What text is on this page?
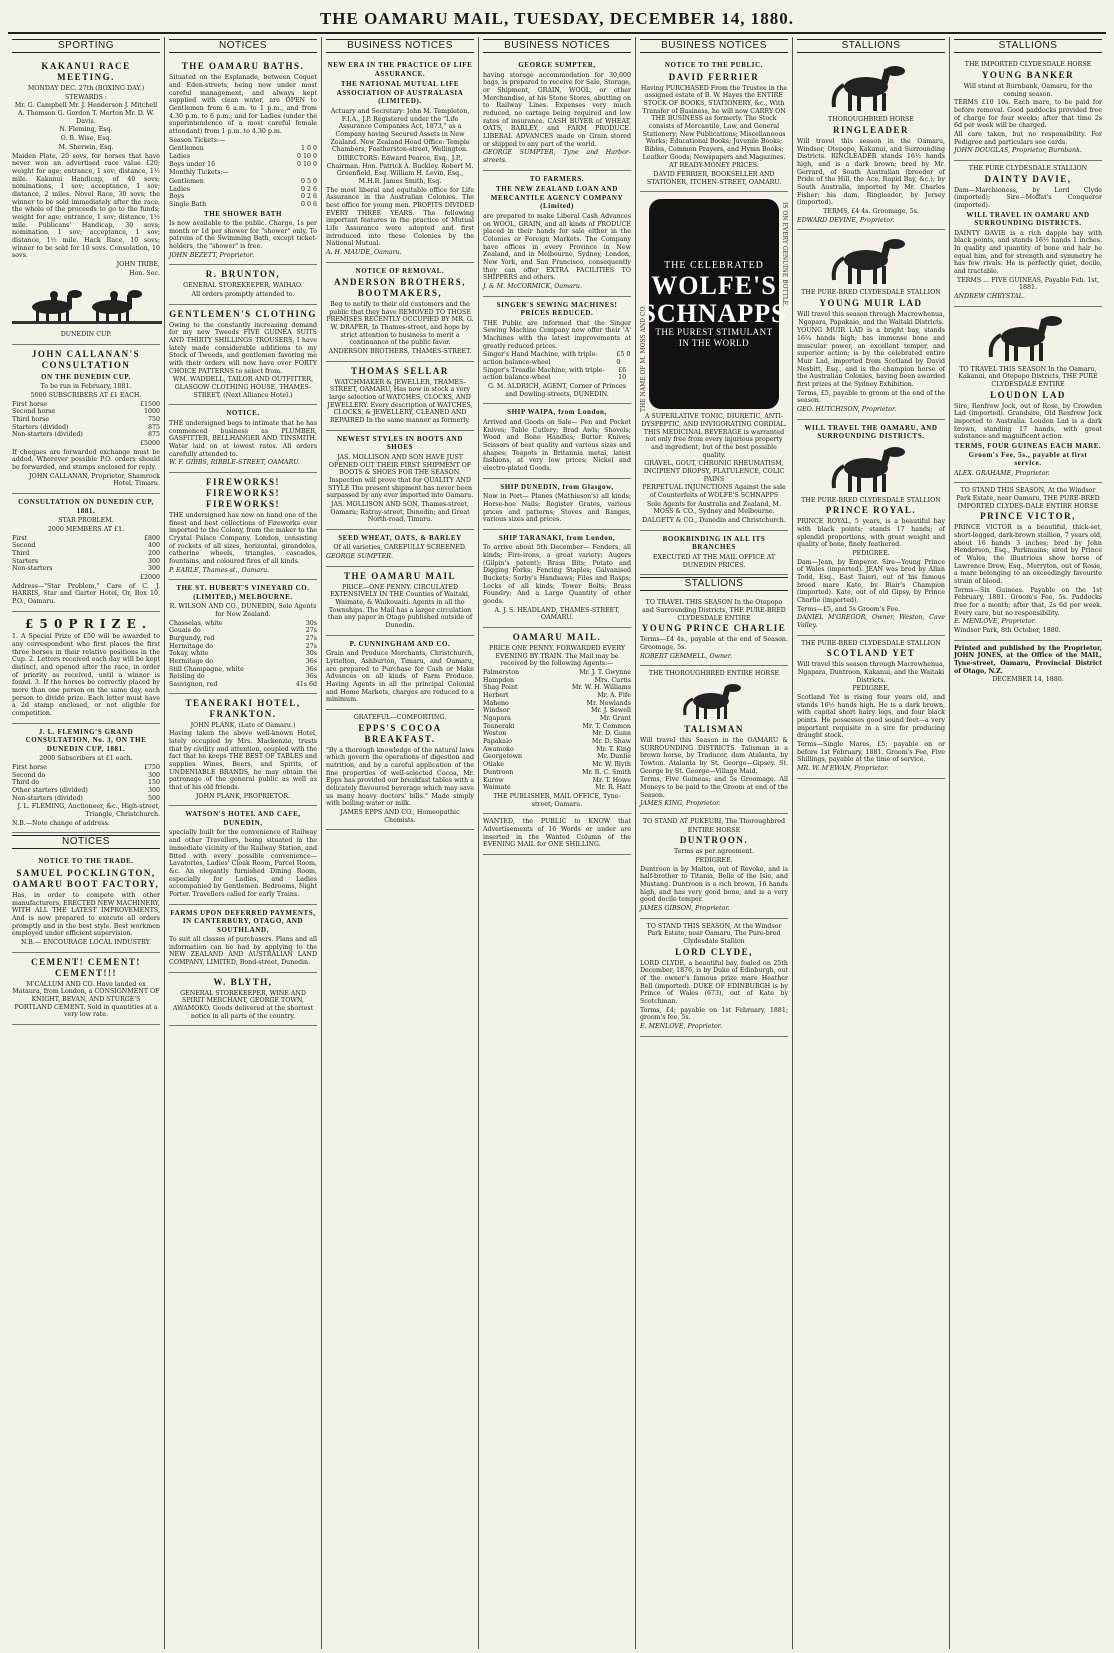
THE OAMARU MAIL, TUESDAY, DECEMBER 14, 1880.
SPORTING
KAKANUI RACE MEETING.

MONDAY DEC. 27th (BOXING DAY.)

STEWARDS :

Mr. G. Campbell Mr. J. Henderson J. Mitchell A. Thomson G. Gordon T. Merton Mr. D. W. Davis.

N. Fleming, Esq.

O. R. Wise, Esq.

M. Sherwin, Esq.

Maiden Plate, 20 sovs, for horses that have never won an advertised race value £20; weight for age; entrance, 1 sov; distance, 1½ mile. Kakanui Handicap, of 40 sovs; nominations, 1 sov; acceptance, 1 sov; distance, 2 miles. Novel Race, 30 sovs; the winner to be sold immediately after the race, the whole of the proceeds to go to the funds; weight for age; entrance, 1 sov; distance, 1½ mile. Publicans' Handicap, 30 sovs; nomination, 1 sov; acceptance, 1 sov; distance, 1½ mile. Hack Race, 10 sovs; winner to be sold for 10 sovs. Consolation, 10 sovs.

JOHN TRIBE,

Hon. Sec.

DUNEDIN CUP.

JOHN CALLANAN'S CONSULTATION
ON THE DUNEDIN CUP.

To be run in February, 1881.

5000 SUBSCRIBERS AT £1 EACH.

First horse	£1500
Second horse	1000
Third horse	750
Starters (divided)	875
Non-starters (divided)	875

£5000

If cheques are forwarded exchange must be added. Wherever possible P.O. orders should be forwarded, and stamps enclosed for reply.

JOHN CALLANAN, Proprietor, Shamrock Hotel, Timaru.

CONSULTATION ON DUNEDIN CUP, 1881.

STAR PROBLEM.

2000 MEMBERS AT £1.

First	£800
Second	400
Third	200
Starters	300
Non-starters	300

£2000

Address—"Star Problem," Care of C. J. HARRIS, Star and Garter Hotel, Or, Box 10, P.O., Oamaru.

£ 5 0 P R I Z E .

1. A Special Prize of £50 will be awarded to any correspondent who first places the first three horses in their relative positions in the Cup. 2. Letters received each day will be kept distinct, and opened after the race, in order of priority as received, until a winner is found. 3. If the horses be correctly placed by more than one person on the same day, each person to divide prize. Each letter must have a 2d stamp enclosed, or not eligible for competition.

J. L. FLEMING'S GRAND CONSULTATION, No. 3, ON THE DUNEDIN CUP, 1881.

2000 Subscribers at £1 each.

First horse	£750
Second do	300
Third do	150
Other starters (divided)	300
Non-starters (divided)	500

J. L. FLEMING, Auctioneer, &c., High-street, Triangle, Christchurch.

N.B.—Note change of address.

NOTICES
NOTICE TO THE TRADE.
SAMUEL POCKLINGTON, OAMARU BOOT FACTORY,

Has, in order to compete with other manufacturers, ERECTED NEW MACHINERY, WITH ALL THE LATEST IMPROVEMENTS, And is now prepared to execute all orders promptly and in the best style. Best workmen employed under efficient supervision.

N.B.— ENCOURAGE LOCAL INDUSTRY.

CEMENT! CEMENT! CEMENT!!!

M'CALLUM AND CO. Have landed ex Mataura, from London, a CONSIGNMENT OF KNIGHT, BEVAN, AND STURGE'S PORTLAND CEMENT. Sold in quantities at a very low rate.

NOTICES
THE OAMARU BATHS.

Situated on the Esplanade, between Coquet and Eden-streets, being now under most careful management, and always kept supplied with clean water, are OPEN to Gentlemen from 6 a.m. to 1 p.m., and from 4.30 p.m. to 6 p.m.; and for Ladies (under the superintendence of a most careful female attendant) from 1 p.m. to 4.30 p.m.

Season Tickets:—

Gentlemen	1 0 0
Ladies	0 10 0
Boys under 16	0 10 0

Monthly Tickets:—

Gentlemen	0 5 0
Ladies	0 2 6
Boys	0 2 6
Single Bath	0 0 6
THE SHOWER BATH

Is now available to the public. Charge, 1s per month or 1d per shower for "shower" only. To patrons of the Swimming Bath, except ticket-holders, the "shower" is free.

JOHN BEZETT, Proprietor.

R. BRUNTON,

GENERAL STOREKEEPER, WAIHAO.

All orders promptly attended to.

GENTLEMEN'S CLOTHING

Owing to the constantly increasing demand for my new Tweeds FIVE GUINEA SUITS AND THIRTY SHILLINGS TROUSERS, I have lately made considerable additions to my Stock of Tweeds, and gentlemen favoring me with their orders will now have over FORTY CHOICE PATTERNS to select from.

WM. WADDELL, TAILOR AND OUTFITTER, GLASGOW CLOTHING HOUSE, THAMES-STREET, (Next Alliance Hotel.)

NOTICE.

THE undersigned begs to intimate that he has commenced business as PLUMBER, GASFITTER, BELLHANGER AND TINSMITH. Water laid on at lowest rates. All orders carefully attended to.

W. F. GIBBS, RIBBLE-STREET, OAMARU.

FIREWORKS! FIREWORKS! FIREWORKS!

THE undersigned has now on hand one of the finest and best collections of Fireworks ever imported to the Colony, from the maker to the Crystal Palace Company, London, consisting of rockets of all sizes, horizontal, girandoles, catherine wheels, triangles, cascades, fountains, and coloured fires of all kinds.

P. EARLE, Thames-st., Oamaru.

THE ST. HUBERT'S VINEYARD CO. (LIMITED,) MELBOURNE.

R. WILSON AND CO., DUNEDIN, Sole Agents for New Zealand.

Chasselas, white	30s
Gouais do	27s
Burgundy, red	27s
Hermitage do	27s
Tokay, white	30s
Hermitage do	36s
Still Champagne, white	36s
Reisling do	36s
Sauvignon, red	41s 6d
TEANERAKI HOTEL, FRANKTON.

JOHN PLANK, (Late of Oamaru.)

Having taken the above well-known Hotel, lately occupied by Mrs. Mackenzie, trusts that by civility and attention, coupled with the fact that he keeps THE BEST OF TABLES and supplies Wines, Beers, and Spirits, of UNDENIABLE BRANDS, he may obtain the patronage of the general public as well as that of his old friends.

JOHN PLANK, PROPRIETOR.

WATSON'S HOTEL AND CAFE, DUNEDIN,

specially built for the convenience of Railway and other Travellers, being situated in the immediate vicinity of the Railway Station, and fitted with every possible convenience—Lavatories, Ladies' Cloak Room, Parcel Room, &c. An elegantly furnished Dining Room, especially for Ladies, and Ladies accompanied by Gentlemen. Bedrooms, Night Porter. Travellers called for early Trains.

FARMS UPON DEFERRED PAYMENTS, IN CANTERBURY, OTAGO, AND SOUTHLAND,

To suit all classes of purchasers. Plans and all information can be had by applying to the NEW ZEALAND AND AUSTRALIAN LAND COMPANY, LIMITED, Bond-street, Dunedin.

W. BLYTH,

GENERAL STOREKEEPER, WINE AND SPIRIT MERCHANT, GEORGE TOWN, AWAMOKO. Goods delivered at the shortest notice in all parts of the country.

BUSINESS NOTICES
NEW ERA IN THE PRACTICE OF LIFE ASSURANCE.
THE NATIONAL MUTUAL LIFE ASSOCIATION OF AUSTRALASIA (LIMITED).

Actuary and Secretary: John M. Templeton, F.I.A., J.P. Registered under the "Life Assurance Companies Act, 1873," as a Company having Secured Assets in New Zealand. New Zealand Head Office: Temple Chambers, Featherston-street, Wellington.

DIRECTORS: Edward Pearce, Esq., J.P., Chairman. Hon. Patrick A. Buckley. Robert M. Greenfield, Esq. William H. Levin, Esq., M.H.R. James Smith, Esq.

The most liberal and equitable office for Life Assurance in the Australian Colonies. The best office for young men. PROFITS DIVIDED EVERY THREE YEARS. The following important features in the practice of Mutual Life Assurance were adopted and first introduced into these Colonies by the National Mutual.

A. H. MAUDE, Oamaru.

NOTICE OF REMOVAL.
ANDERSON BROTHERS, BOOTMAKERS,

Beg to notify to their old customers and the public that they have REMOVED TO THOSE PREMISES RECENTLY OCCUPIED BY MR. G. W. DRAPER, In Thames-street, and hope by strict attention to business to merit a continuance of the public favor.

ANDERSON BROTHERS, THAMES-STREET.

THOMAS SELLAR

WATCHMAKER & JEWELLER, THAMES-STREET, OAMARU, Has now in stock a very large selection of WATCHES, CLOCKS, AND JEWELLERY. Every description of WATCHES, CLOCKS, & JEWELLERY, CLEANED AND REPAIRED In the same manner as formerly.

NEWEST STYLES IN BOOTS AND SHOES

JAS. MOLLISON AND SON HAVE JUST OPENED OUT THEIR FIRST SHIPMENT OF BOOTS & SHOES FOR THE SEASON. Inspection will prove that for QUALITY AND STYLE The present shipment has never been surpassed by any ever imported into Oamaru.

JAS. MOLLISON AND SON, Thames-street, Oamaru; Ratray-street, Dunedin; and Great North-road, Timaru.

SEED WHEAT, OATS, & BARLEY

Of all varieties, CAREFULLY SCREENED.

GEORGE SUMPTER.

THE OAMARU MAIL

PRICE—ONE PENNY. CIRCULATED EXTENSIVELY IN THE Counties of Waitaki, Waimate, & Waikouaiti. Agents in all the Townships. The Mail has a larger circulation than any paper in Otago published outside of Dunedin.

P. CUNNINGHAM AND CO.

Grain and Produce Merchants, Christchurch, Lyttelton, Ashburton, Timaru, and Oamaru, are prepared to Purchase for Cash or Make Advances on all kinds of Farm Produce. Having Agents in all the principal Colonial and Home Markets, charges are reduced to a minimum.

GRATEFUL—COMFORTING.

EPPS'S COCOA BREAKFAST.

"By a thorough knowledge of the natural laws which govern the operations of digestion and nutrition, and by a careful application of the fine properties of well-selected Cocoa, Mr. Epps has provided our breakfast tables with a delicately flavoured beverage which may save us many heavy doctors' bills." Made simply with boiling water or milk.

JAMES EPPS AND CO., Homeopathic Chemists.

BUSINESS NOTICES
GEORGE SUMPTER,

having storage accommodation for 30,000 bags, is prepared to receive for Sale, Storage, or Shipment, GRAIN, WOOL, or other Merchandise, at his Stone Stores, abutting on to Railway Lines. Expenses very much reduced, no cartage being required and low rates of insurance. CASH BUYER of WHEAT, OATS, BARLEY, and FARM PRODUCE. LIBERAL ADVANCES made on Grain stored or shipped to any part of the world.

GEORGE SUMPTER, Tyne and Harbor-streets.

TO FARMERS.
THE NEW ZEALAND LOAN AND MERCANTILE AGENCY COMPANY (Limited)

are prepared to make Liberal Cash Advances on WOOL, GRAIN, and all kinds of PRODUCE placed in their hands for sale either in the Colonies or Foreign Markets. The Company have offices in every Province in New Zealand, and in Melbourne, Sydney, London, New York, and San Francisco, consequently they can offer EXTRA FACILITIES TO SHIPPERS and others.

J. & M. McCORMICK, Oamaru.

SINGER'S SEWING MACHINES! PRICES REDUCED.

THE Public are informed that the Singer Sewing Machine Company now offer their 'A' Machines with the latest improvements at greatly reduced prices.

Singer's Hand Machine, with triple-action balance-wheel
£5 0 0
Singer's Treadle Machine, with triple-action balance-wheel
£6 10

G. M. ALDRICH, AGENT, Corner of Princes and Dowling-streets, DUNEDIN.

SHIP WAIPA, from London,

Arrived and Goods on Sale— Pen and Pocket Knives; Table Cutlery; Brad Awls; Shovels; Wood and Bone Handles; Butter Knives; Scissors of best quality and various sizes and shapes; Teapots in Britannia metal, latest fashions, at very low prices; Nickel and electro-plated Goods.

SHIP DUNEDIN, from Glasgow,

Now in Port— Planes (Mathieson's) all kinds; Horse-hoe Nails; Register Grates, various prices and patterns; Stoves and Ranges, various sizes and prices.

SHIP TARANAKI, from London,

To arrive about 5th December— Fenders, all kinds; Fire-irons, a great variety; Augers (Gilpin's patent); Brass Bits; Potato and Digging Forks; Fencing Staples; Galvanised Buckets; Sorby's Handsaws; Files and Rasps; Locks of all kinds; Tower Bolts; Brass Foundry; And a Large Quantity of other goods.

A. J. S. HEADLAND, THAMES-STREET, OAMARU.

OAMARU MAIL.

PRICE ONE PENNY. FORWARDED EVERY EVENING BY TRAIN. The Mail may be received by the following Agents:—

Palmerston	Mr. J. T. Gwynne
Hampden	Mrs. Curtis
Shag Point	Mr. W. H. Williams
Herbert	Mr. A. Fife
Maheno	Mr. Newlands
Windsor	Mr. J. Sewell
Ngapara	Mr. Grant
Teaneraki	Mr. T. Common
Weston	Mr. D. Gunn
Papakaio	Mr. D. Shaw
Awamoko	Mr. T. King
Georgetown	Mr. Dunlie
Otiake	Mr. W. Blyth
Duntroon	Mr. R. C. Smith
Kurow	Mr. T. Howe
Waimate	Mr. R. Hatt

THE PUBLISHER, MAIL OFFICE, Tyne-street, Oamaru.

WANTED, the PUBLIC to KNOW that Advertisements of 16 Words or under are inserted in the Wanted Column of the EVENING MAIL for ONE SHILLING.

BUSINESS NOTICES
NOTICE TO THE PUBLIC.
DAVID FERRIER

Having PURCHASED From the Trustee in the assigned estate of B. W. Hayes the ENTIRE STOCK OF BOOKS, STATIONERY, &c., With Transfer of Business, he will now CARRY ON THE BUSINESS as formerly. The Stock consists of Mercantile, Law, and General Stationery; New Publications; Miscellaneous Works; Educational Books; Juvenile Books; Bibles, Common Prayers, and Hymn Books; Leather Goods; Newspapers and Magazines.

AT READY-MONEY PRICES.

DAVID FERRIER, BOOKSELLER AND STATIONER, ITCHEN-STREET, OAMARU.

THE CELEBRATED
WOLFE'S
SCHNAPPS
THE PUREST STIMULANT IN THE WORLD
THE NAME OF M. MOSS AND CO.
IS ON EVERY GENUINE BOTTLE.

A SUPERLATIVE TONIC, DIURETIC, ANTI-DYSPEPTIC, AND INVIGORATING CORDIAL. THIS MEDICINAL BEVERAGE is warranted not only free from every injurious property and ingredient, but of the best possible quality.

GRAVEL, GOUT, CHRONIC RHEUMATISM, INCIPIENT DROPSY, FLATULENCE, COLIC PAINS

PERPETUAL INJUNCTIONS Against the sale of Counterfeits of WOLFE'S SCHNAPPS

Sole Agents for Australia and Zealand, M. MOSS & CO., Sydney and Melbourne.

DALGETY & CO., Dunedin and Christchurch.

BOOKBINDING IN ALL ITS BRANCHES

EXECUTED AT THE MAIL OFFICE AT DUNEDIN PRICES.

STALLIONS

TO TRAVEL THIS SEASON In the Otepopo and Surrounding Districts, THE PURE-BRED CLYDESDALE ENTIRE

YOUNG PRINCE CHARLIE

Terms—£4 4s., payable at the end of Season. Groomage, 5s.

ROBERT GEMMELL, Owner.

THE THOROUGHBRED ENTIRE HORSE

TALISMAN

Will travel this Season in the OAMARU & SURROUNDING DISTRICTS. Talisman is a brown horse, by Traducer, dam Atalanta, by Towton. Atalanta by St. George—Gipsey. St. George by St. George—Village Maid.

Terms, Five Guineas; and 5s Groomage. All Moneys to be paid to the Groom at end of the Season.

JAMES KING, Proprietor.

TO STAND AT PUKEURI, The Thoroughbred

ENTIRE HORSE

DUNTROON.

Terms as per agreement.

PEDIGREE.

Duntroon is by Malton, out of Revoke, and is half-brother to Titania, Belle of the Isle, and Mustang. Duntroon is a rich brown, 16 hands high, and has very good bone, and is a very good docile temper.

JAMES GIBSON, Proprietor.

TO STAND THIS SEASON, At the Windsor Park Estate, near Oamaru, The Pure-bred Clydesdale Stallion

LORD CLYDE,

LORD CLYDE, a beautiful bay, foaled on 25th December, 1876, is by Duke of Edinburgh, out of the owner's famous prize mare Heather Bell (imported). DUKE OF EDINBURGH is by Prince of Wales (673), out of Kate by Scotchman.

Terms, £4; payable on 1st February, 1881; groom's fee, 5s.

E. MENLOVE, Proprietor.

STALLIONS

THOROUGHBRED HORSE

RINGLEADER

Will travel this season in the Oamaru, Windsor, Otepopo, Kakanui, and Surrounding Districts. RINGLEADER stands 16½ hands high, and is a dark brown; bred by Mr. Gerrard, of South Australian (breeder of Pride of the Hill, the Ace, Rapid Bay, &c.); by South Australia, imported by Mr. Charles Fisher; his dam, Ringleader, by Jersey (imported).

TERMS, £4 4s. Groomage, 5s.

EDWARD DEVINE, Proprietor.

THE PURE-BRED CLYDESDALE STALLION

YOUNG MUIR LAD

Will travel this season through Macrewhenua, Ngapara, Papakaio, and the Waitaki Districts.

YOUNG MUIR LAD is a bright bay, stands 16¾ hands high; has immense bone and muscular power, an excellent temper, and superior action; is by the celebrated entire Muir Lad, imported from Scotland by David Nesbitt, Esq., and is the champion horse of the Australian Colonies, having been awarded first prizes at the Sydney Exhibition.

Terms, £5, payable to groom at the end of the season.

GEO. HUTCHISON, Proprietor.

WILL TRAVEL THE OAMARU, AND SURROUNDING DISTRICTS.

THE PURE-BRED CLYDESDALE STALLION

PRINCE ROYAL.

PRINCE ROYAL, 5 years, is a beautiful bay with black points; stands 17 hands; of splendid proportions, with great weight and quality of bone, finely feathered.

PEDIGREE.

Dam—Jean, by Emperor. Sire—Young Prince of Wales (imported). JEAN was bred by Allan Todd, Esq., East Taieri, out of his famous brood mare Kate, by Blair's Champion (imported). Kate, out of old Gipsy, by Prince Charlie (imported).

Terms—£5, and 5s Groom's Fee.

DANIEL M'GREGOR, Owner, Weston, Cave Valley.

THE PURE-BRED CLYDESDALE STALLION

SCOTLAND YET

Will travel this season through Macrewhenua, Ngapara, Duntroon, Kakanui, and the Waitaki Districts.

PEDIGREE.

Scotland Yet is rising four years old, and stands 16½ hands high. He is a dark brown, with capital short hairy legs, and four black points. He possesses good sound feet—a very important requisite in a sire for producing draught stock.

Terms—Single Mares, £5; payable on or before 1st February, 1881. Groom's Fee, Five Shillings, payable at the time of service.

MR. W. M'EWAN, Proprietor.

STALLIONS

THE IMPORTED CLYDESDALE HORSE

YOUNG BANKER

Will stand at Burnbank, Oamaru, for the coming season.

TERMS £10 10s. Each mare, to be paid for before removal. Good paddocks provided free of charge for four weeks; after that time 2s 6d per week will be charged.

All care taken, but no responsibility. For Pedigree and particulars see cards.

JOHN DOUGLAS, Proprietor, Burnbank.

THE PURE CLYDESDALE STALLION

DAINTY DAVIE,

Dam—Marchioness, by Lord Clyde (imported); Sire—Moffat's Conqueror (imported).

WILL TRAVEL IN OAMARU AND SURROUNDING DISTRICTS.

DAINTY DAVIE is a rich dapple bay with black points, and stands 16½ hands 1 inches. In quality and quantity of bone and hair he equal him, and for strength and symmetry he has few rivals. He is perfectly quiet, docile, and tractable.

TERMS ... FIVE GUINEAS, Payable Feb. 1st, 1881.

ANDREW CHRYSTAL.

TO TRAVEL THIS SEASON In the Oamaru, Kakanui, and Otepopo Districts, THE PURE CLYDESDALE ENTIRE

LOUDON LAD

Sire, Renfrew Jock, out of Rose, by Crowden Lad (imported). Grandsire, Old Renfrew Jock imported to Australia. Loudon Lad is a dark brown, standing 17 hands, with great substance and magnificent action.

TERMS, FOUR GUINEAS EACH MARE. Groom's Fee, 5s., payable at first service.

ALEX. GRAHAME, Proprietor.

TO STAND THIS SEASON, At the Windsor Park Estate, near Oamaru, THE PURE-BRED IMPORTED CLYDES-DALE ENTIRE HORSE

PRINCE VICTOR,

PRINCE VICTOR is a beautiful, thick-set, short-legged, dark-brown stallion, 7 years old, about 16 hands 3 inches; bred by John Henderson, Esq., Parkmains; sired by Prince of Wales, the illustrious show horse of Lawrence Drew, Esq., Merryton, out of Rosie, a mare belonging to an exceedingly favourite strain of blood.

Terms—Six Guineas. Payable on the 1st February, 1881. Groom's Fee, 5s. Paddocks free for a month; after that, 2s 6d per week. Every care, but no responsibility.

E. MENLOVE, Proprietor.

Windsor Park, 8th October, 1880.

Printed and published by the Proprietor, JOHN JONES, at the Office of the MAIL, Tyne-street, Oamaru, Provincial District of Otago, N.Z.

DECEMBER 14, 1880.
